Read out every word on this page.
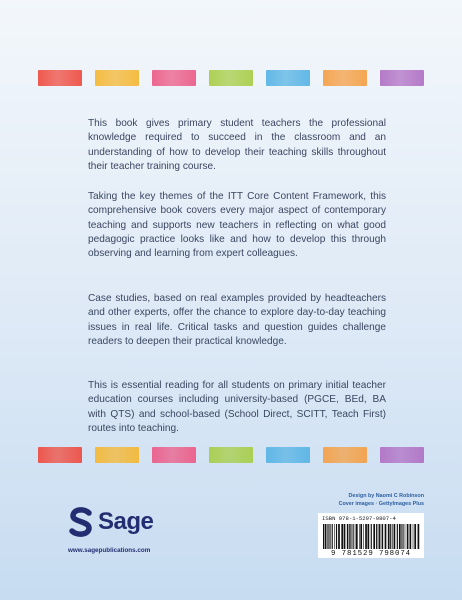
This book gives primary student teachers the professional knowledge required to succeed in the classroom and an understanding of how to develop their teaching skills throughout their teacher training course.

Taking the key themes of the ITT Core Content Framework, this comprehensive book covers every major aspect of contemporary teaching and supports new teachers in reflecting on what good pedagogic practice looks like and how to develop this through observing and learning from expert colleagues.

Case studies, based on real examples provided by headteachers and other experts, offer the chance to explore day-to-day teaching issues in real life. Critical tasks and question guides challenge readers to deepen their practical knowledge.

This is essential reading for all students on primary initial teacher education courses including university-based (PGCE, BEd, BA with QTS) and school-based (School Direct, SCITT, Teach First) routes into teaching.

Sage
www.sagepublications.com
Design by Naomi C Robinson
Cover images · GettyImages Plus
ISBN 978-1-5297-9807-4
9 781529 798074
